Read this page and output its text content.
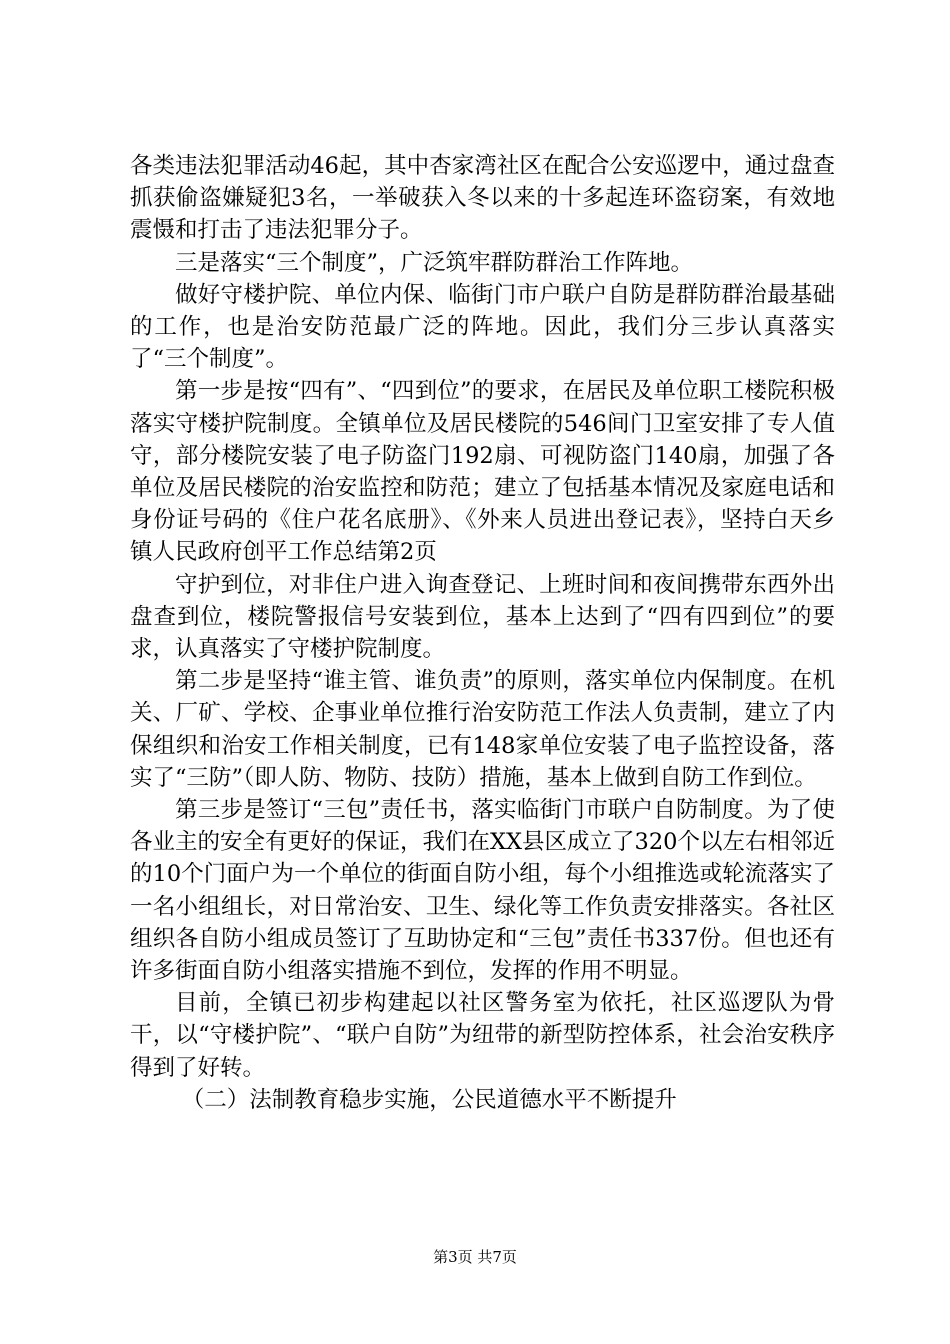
各类违法犯罪活动46起，其中杏家湾社区在配合公安巡逻中，通过盘查抓获偷盗嫌疑犯3名，一举破获入冬以来的十多起连环盗窃案，有效地震慑和打击了违法犯罪分子。

三是落实“三个制度”，广泛筑牢群防群治工作阵地。

做好守楼护院、单位内保、临街门市户联户自防是群防群治最基础的工作，也是治安防范最广泛的阵地。因此，我们分三步认真落实了“三个制度”。

第一步是按“四有”、“四到位”的要求，在居民及单位职工楼院积极落实守楼护院制度。全镇单位及居民楼院的546间门卫室安排了专人值守，部分楼院安装了电子防盗门192扇、可视防盗门140扇，加强了各单位及居民楼院的治安监控和防范；建立了包括基本情况及家庭电话和身份证号码的《住户花名底册》、《外来人员进出登记表》，坚持白天乡镇人民政府创平工作总结第2页

守护到位，对非住户进入询查登记、上班时间和夜间携带东西外出盘查到位，楼院警报信号安装到位，基本上达到了“四有四到位”的要求，认真落实了守楼护院制度。

第二步是坚持“谁主管、谁负责”的原则，落实单位内保制度。在机关、厂矿、学校、企事业单位推行治安防范工作法人负责制，建立了内保组织和治安工作相关制度，已有148家单位安装了电子监控设备，落实了“三防”（即人防、物防、技防）措施，基本上做到自防工作到位。

第三步是签订“三包”责任书，落实临街门市联户自防制度。为了使各业主的安全有更好的保证，我们在XX县区成立了320个以左右相邻近的10个门面户为一个单位的街面自防小组，每个小组推选或轮流落实了一名小组组长，对日常治安、卫生、绿化等工作负责安排落实。各社区组织各自防小组成员签订了互助协定和“三包”责任书337份。但也还有许多街面自防小组落实措施不到位，发挥的作用不明显。

目前，全镇已初步构建起以社区警务室为依托，社区巡逻队为骨干，以“守楼护院”、“联户自防”为纽带的新型防控体系，社会治安秩序得到了好转。

（二）法制教育稳步实施，公民道德水平不断提升

第3页 共7页
